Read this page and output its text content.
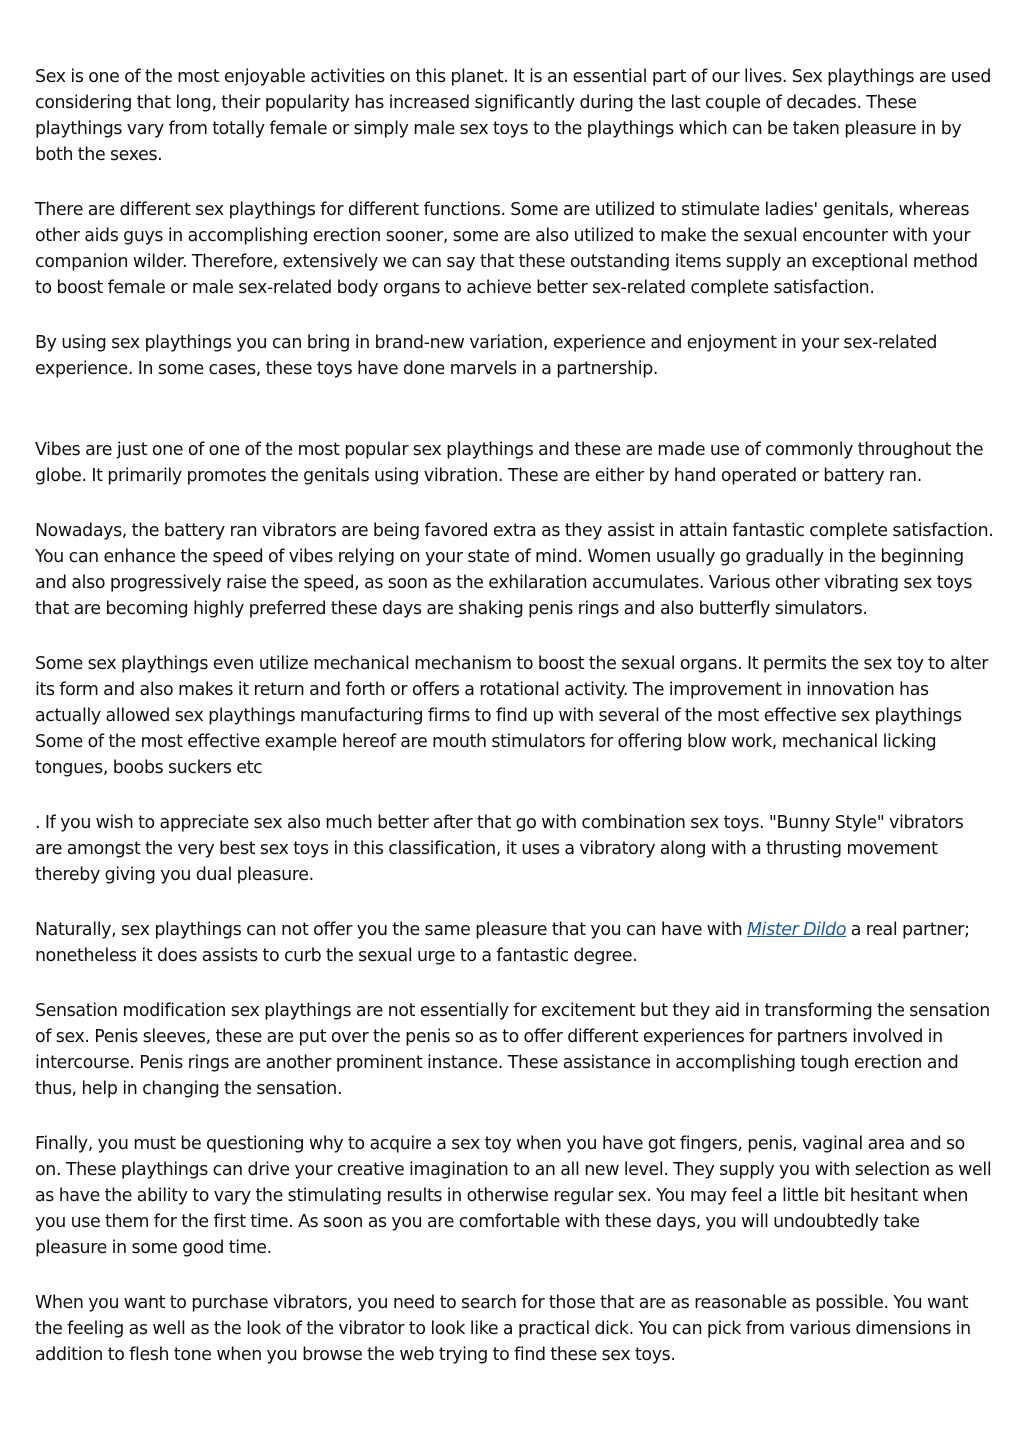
Sex is one of the most enjoyable activities on this planet. It is an essential part of our lives. Sex playthings are used considering that long, their popularity has increased significantly during the last couple of decades. These playthings vary from totally female or simply male sex toys to the playthings which can be taken pleasure in by both the sexes.

There are different sex playthings for different functions. Some are utilized to stimulate ladies' genitals, whereas other aids guys in accomplishing erection sooner, some are also utilized to make the sexual encounter with your companion wilder. Therefore, extensively we can say that these outstanding items supply an exceptional method to boost female or male sex-related body organs to achieve better sex-related complete satisfaction.

By using sex playthings you can bring in brand-new variation, experience and enjoyment in your sex-related experience. In some cases, these toys have done marvels in a partnership.

Vibes are just one of one of the most popular sex playthings and these are made use of commonly throughout the globe. It primarily promotes the genitals using vibration. These are either by hand operated or battery ran.

Nowadays, the battery ran vibrators are being favored extra as they assist in attain fantastic complete satisfaction. You can enhance the speed of vibes relying on your state of mind. Women usually go gradually in the beginning and also progressively raise the speed, as soon as the exhilaration accumulates. Various other vibrating sex toys that are becoming highly preferred these days are shaking penis rings and also butterfly simulators.

Some sex playthings even utilize mechanical mechanism to boost the sexual organs. It permits the sex toy to alter its form and also makes it return and forth or offers a rotational activity. The improvement in innovation has actually allowed sex playthings manufacturing firms to find up with several of the most effective sex playthings Some of the most effective example hereof are mouth stimulators for offering blow work, mechanical licking tongues, boobs suckers etc

. If you wish to appreciate sex also much better after that go with combination sex toys. "Bunny Style" vibrators are amongst the very best sex toys in this classification, it uses a vibratory along with a thrusting movement thereby giving you dual pleasure.

Naturally, sex playthings can not offer you the same pleasure that you can have with Mister Dildo a real partner; nonetheless it does assists to curb the sexual urge to a fantastic degree.

Sensation modification sex playthings are not essentially for excitement but they aid in transforming the sensation of sex. Penis sleeves, these are put over the penis so as to offer different experiences for partners involved in intercourse. Penis rings are another prominent instance. These assistance in accomplishing tough erection and thus, help in changing the sensation.

Finally, you must be questioning why to acquire a sex toy when you have got fingers, penis, vaginal area and so on. These playthings can drive your creative imagination to an all new level. They supply you with selection as well as have the ability to vary the stimulating results in otherwise regular sex. You may feel a little bit hesitant when you use them for the first time. As soon as you are comfortable with these days, you will undoubtedly take pleasure in some good time.

When you want to purchase vibrators, you need to search for those that are as reasonable as possible. You want the feeling as well as the look of the vibrator to look like a practical dick. You can pick from various dimensions in addition to flesh tone when you browse the web trying to find these sex toys.
